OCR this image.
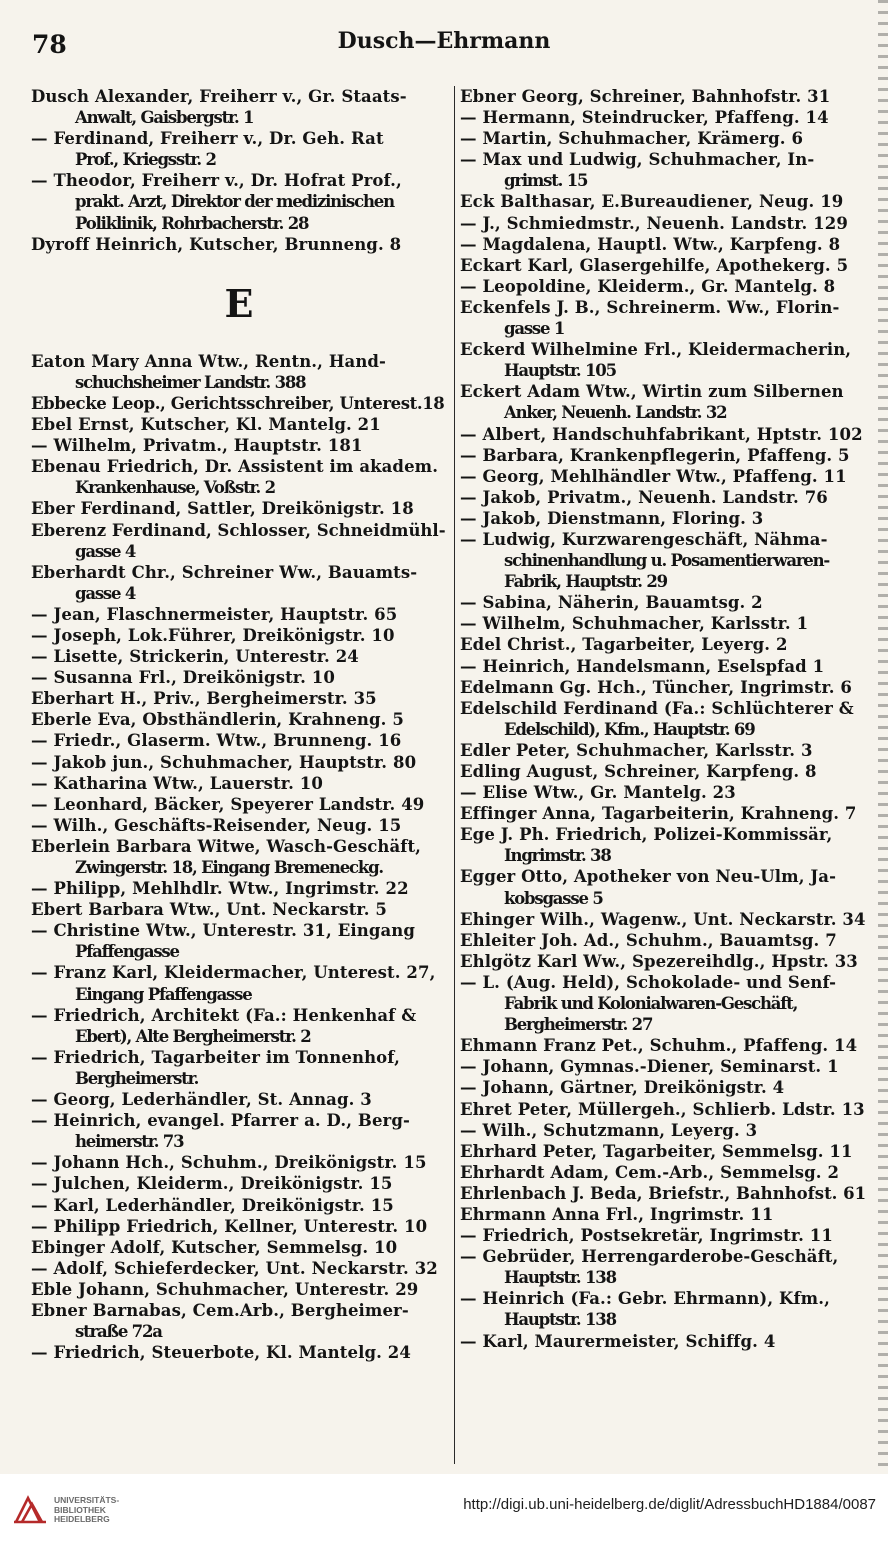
78	Dusch—Ehrmann
Dusch Alexander, Freiherr v., Gr. Staats-
Anwalt, Gaisbergstr. 1
— Ferdinand, Freiherr v., Dr. Geh. Rat
Prof., Kriegsstr. 2
— Theodor, Freiherr v., Dr. Hofrat Prof.,
prakt. Arzt, Direktor der medizinischen
Poliklinik, Rohrbacherstr. 28
Dyroff Heinrich, Kutscher, Brunneng. 8
E
Eaton Mary Anna Wtw., Rentn., Hand-
schuchsheimer Landstr. 388
Ebbecke Leop., Gerichtsschreiber, Unterest.18
Ebel Ernst, Kutscher, Kl. Mantelg. 21
— Wilhelm, Privatm., Hauptstr. 181
Ebenau Friedrich, Dr. Assistent im akadem.
Krankenhause, Voßstr. 2
Eber Ferdinand, Sattler, Dreikönigstr. 18
Eberenz Ferdinand, Schlosser, Schneidmühl-
gasse 4
Eberhardt Chr., Schreiner Ww., Bauamts-
gasse 4
— Jean, Flaschnermeister, Hauptstr. 65
— Joseph, Lok.Führer, Dreikönigstr. 10
— Lisette, Strickerin, Unterestr. 24
— Susanna Frl., Dreikönigstr. 10
Eberhart H., Priv., Bergheimerstr. 35
Eberle Eva, Obsthändlerin, Krahneng. 5
— Friedr., Glaserm. Wtw., Brunneng. 16
— Jakob jun., Schuhmacher, Hauptstr. 80
— Katharina Wtw., Lauerstr. 10
— Leonhard, Bäcker, Speyerer Landstr. 49
— Wilh., Geschäfts-Reisender, Neug. 15
Eberlein Barbara Witwe, Wasch-Geschäft,
Zwingerstr. 18, Eingang Bremeneckg.
— Philipp, Mehlhdlr. Wtw., Ingrimstr. 22
Ebert Barbara Wtw., Unt. Neckarstr. 5
— Christine Wtw., Unterestr. 31, Eingang
Pfaffengasse
— Franz Karl, Kleidermacher, Unterest. 27,
Eingang Pfaffengasse
— Friedrich, Architekt (Fa.: Henkenhaf &
Ebert), Alte Bergheimerstr. 2
— Friedrich, Tagarbeiter im Tonnenhof,
Bergheimerstr.
— Georg, Lederhändler, St. Annag. 3
— Heinrich, evangel. Pfarrer a. D., Berg-
heimerstr. 73
— Johann Hch., Schuhm., Dreikönigstr. 15
— Julchen, Kleiderm., Dreikönigstr. 15
— Karl, Lederhändler, Dreikönigstr. 15
— Philipp Friedrich, Kellner, Unterestr. 10
Ebinger Adolf, Kutscher, Semmelsg. 10
— Adolf, Schieferdecker, Unt. Neckarstr. 32
Eble Johann, Schuhmacher, Unterestr. 29
Ebner Barnabas, Cem.Arb., Bergheimer-
straße 72a
— Friedrich, Steuerbote, Kl. Mantelg. 24
Ebner Georg, Schreiner, Bahnhofstr. 31
— Hermann, Steindrucker, Pfaffeng. 14
— Martin, Schuhmacher, Krämerg. 6
— Max und Ludwig, Schuhmacher, In-
grimst. 15
Eck Balthasar, E.Bureaudiener, Neug. 19
— J., Schmiedmstr., Neuenh. Landstr. 129
— Magdalena, Hauptl. Wtw., Karpfeng. 8
Eckart Karl, Glasergehilfe, Apothekerg. 5
— Leopoldine, Kleiderm., Gr. Mantelg. 8
Eckenfels J. B., Schreinerm. Ww., Florin-
gasse 1
Eckerd Wilhelmine Frl., Kleidermacherin,
Hauptstr. 105
Eckert Adam Wtw., Wirtin zum Silbernen
Anker, Neuenh. Landstr. 32
— Albert, Handschuhfabrikant, Hptstr. 102
— Barbara, Krankenpflegerin, Pfaffeng. 5
— Georg, Mehlhändler Wtw., Pfaffeng. 11
— Jakob, Privatm., Neuenh. Landstr. 76
— Jakob, Dienstmann, Floring. 3
— Ludwig, Kurzwarengeschäft, Nähma-
schinenhandlung u. Posamentierwaren-
Fabrik, Hauptstr. 29
— Sabina, Näherin, Bauamtsg. 2
— Wilhelm, Schuhmacher, Karlsstr. 1
Edel Christ., Tagarbeiter, Leyerg. 2
— Heinrich, Handelsmann, Eselspfad 1
Edelmann Gg. Hch., Tüncher, Ingrimstr. 6
Edelschild Ferdinand (Fa.: Schlüchterer &
Edelschild), Kfm., Hauptstr. 69
Edler Peter, Schuhmacher, Karlsstr. 3
Edling August, Schreiner, Karpfeng. 8
— Elise Wtw., Gr. Mantelg. 23
Effinger Anna, Tagarbeiterin, Krahneng. 7
Ege J. Ph. Friedrich, Polizei-Kommissär,
Ingrimstr. 38
Egger Otto, Apotheker von Neu-Ulm, Ja-
kobsgasse 5
Ehinger Wilh., Wagenw., Unt. Neckarstr. 34
Ehleiter Joh. Ad., Schuhm., Bauamtsg. 7
Ehlgötz Karl Ww., Spezereihdlg., Hpstr. 33
— L. (Aug. Held), Schokolade- und Senf-
Fabrik und Kolonialwaren-Geschäft,
Bergheimerstr. 27
Ehmann Franz Pet., Schuhm., Pfaffeng. 14
— Johann, Gymnas.-Diener, Seminarst. 1
— Johann, Gärtner, Dreikönigstr. 4
Ehret Peter, Müllergeh., Schlierb. Ldstr. 13
— Wilh., Schutzmann, Leyerg. 3
Ehrhard Peter, Tagarbeiter, Semmelsg. 11
Ehrhardt Adam, Cem.-Arb., Semmelsg. 2
Ehrlenbach J. Beda, Briefstr., Bahnhofst. 61
Ehrmann Anna Frl., Ingrimstr. 11
— Friedrich, Postsekretär, Ingrimstr. 11
— Gebrüder, Herrengarderobe-Geschäft,
Hauptstr. 138
— Heinrich (Fa.: Gebr. Ehrmann), Kfm.,
Hauptstr. 138
— Karl, Maurermeister, Schiffg. 4
UNIVERSITÄTS-
BIBLIOTHEK
HEIDELBERG
http://digi.ub.uni-heidelberg.de/diglit/AdressbuchHD1884/0087
